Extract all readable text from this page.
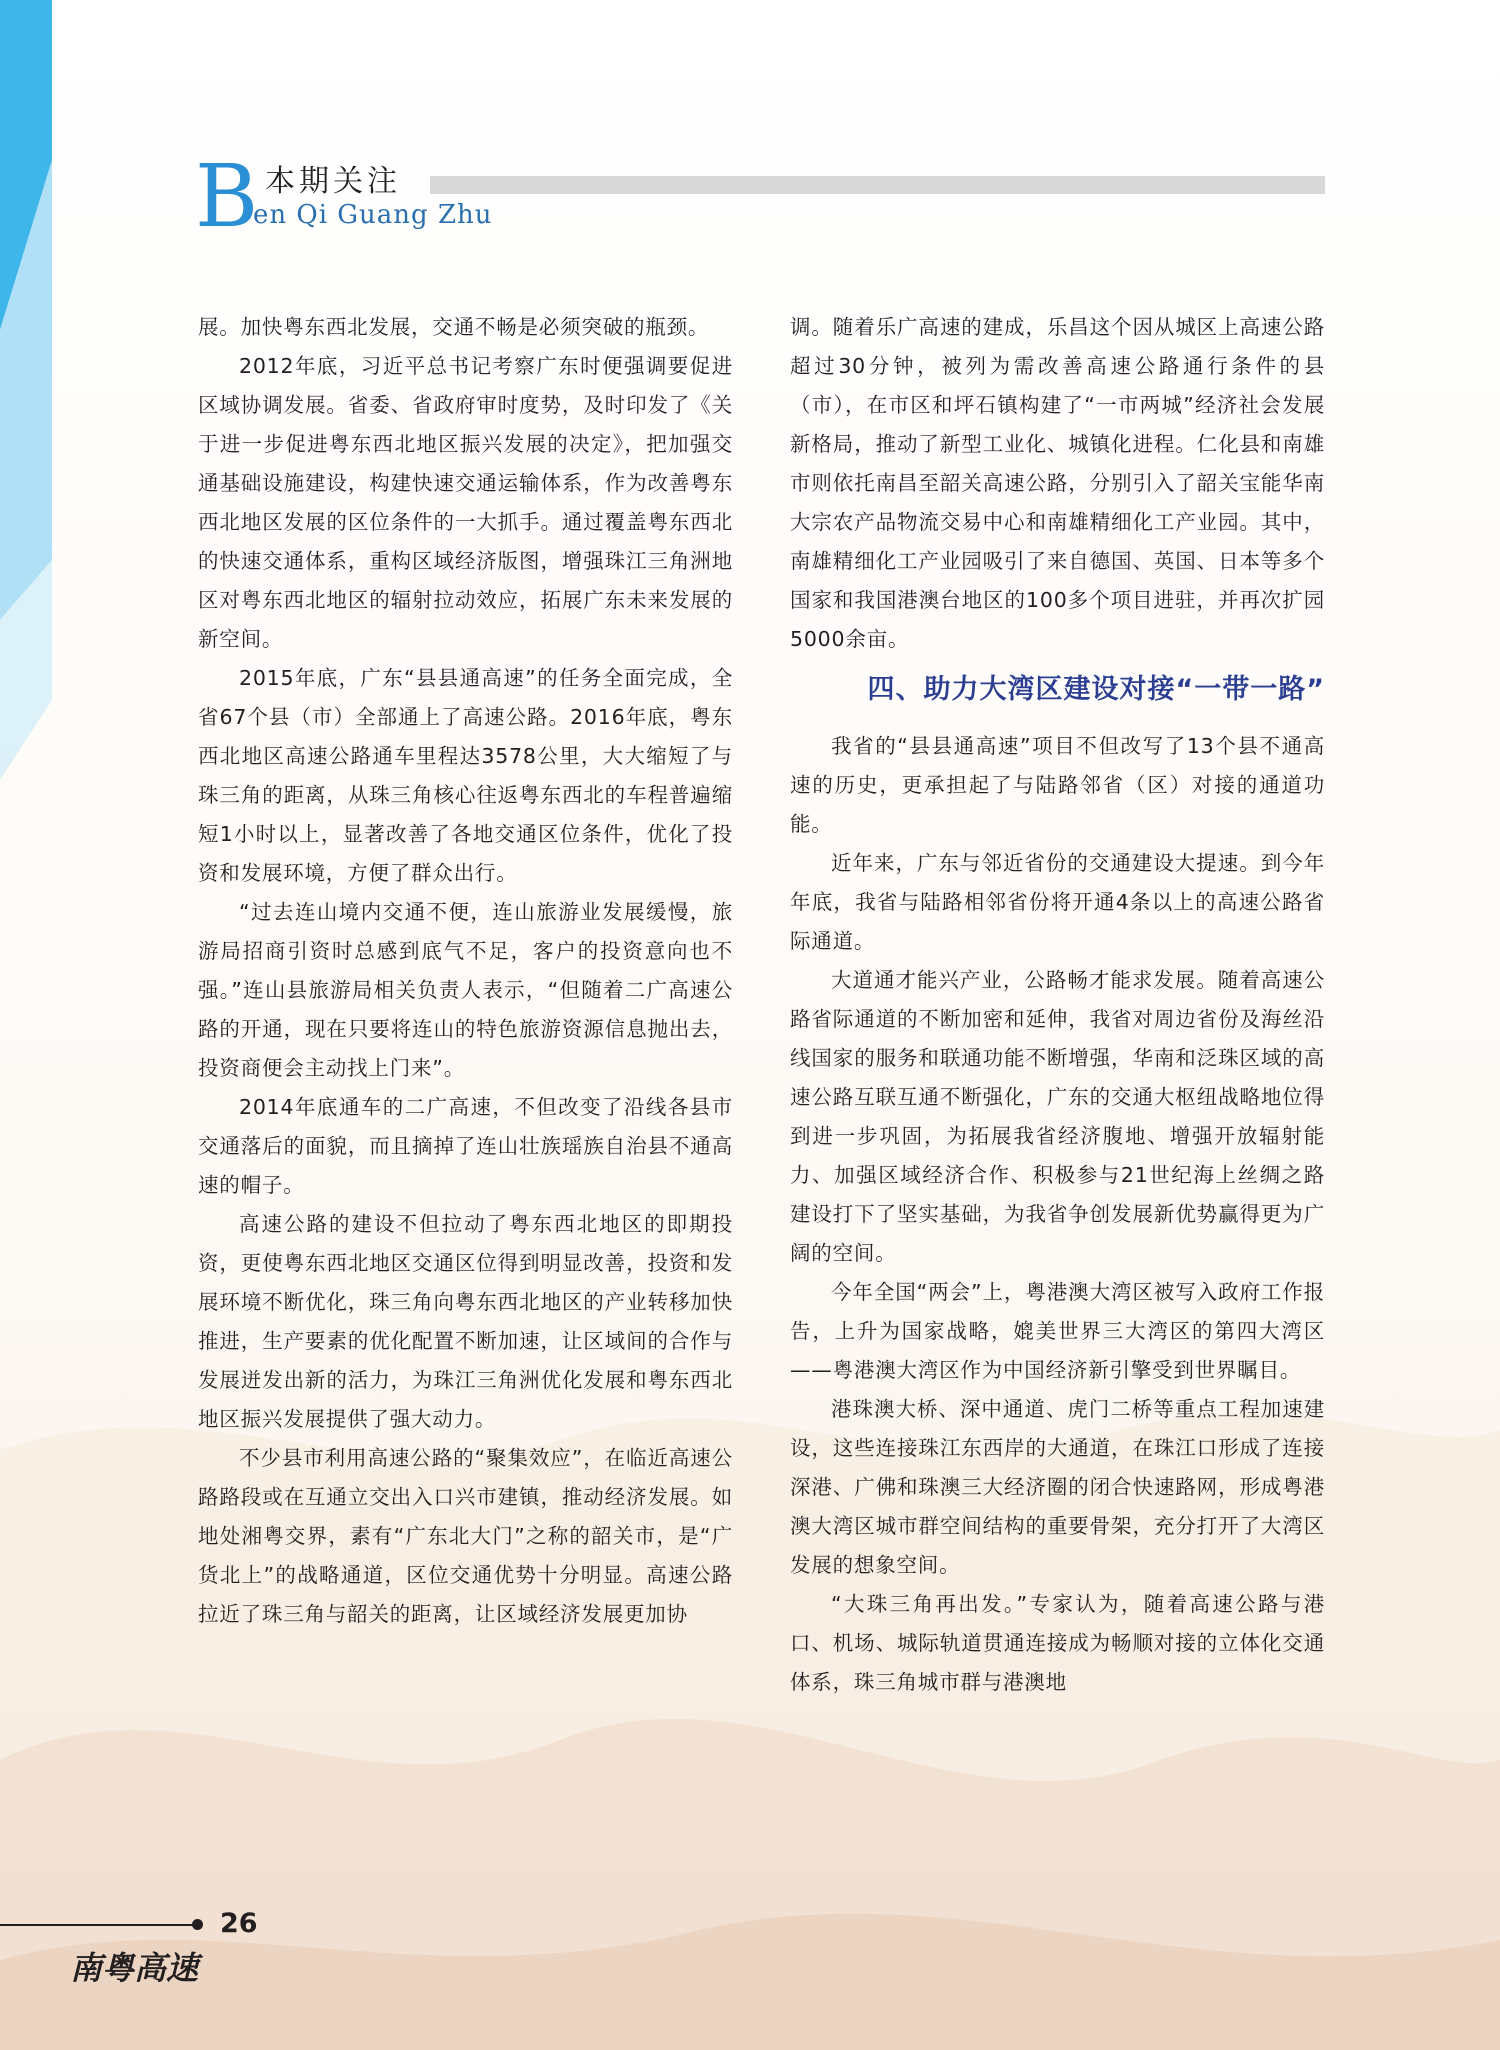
B 本期关注
en Qi Guang Zhu

展。加快粤东西北发展，交通不畅是必须突破的瓶颈。

2012年底，习近平总书记考察广东时便强调要促进区域协调发展。省委、省政府审时度势，及时印发了《关于进一步促进粤东西北地区振兴发展的决定》，把加强交通基础设施建设，构建快速交通运输体系，作为改善粤东西北地区发展的区位条件的一大抓手。通过覆盖粤东西北的快速交通体系，重构区域经济版图，增强珠江三角洲地区对粤东西北地区的辐射拉动效应，拓展广东未来发展的新空间。

2015年底，广东“县县通高速”的任务全面完成，全省67个县（市）全部通上了高速公路。2016年底，粤东西北地区高速公路通车里程达3578公里，大大缩短了与珠三角的距离，从珠三角核心往返粤东西北的车程普遍缩短1小时以上，显著改善了各地交通区位条件，优化了投资和发展环境，方便了群众出行。

“过去连山境内交通不便，连山旅游业发展缓慢，旅游局招商引资时总感到底气不足，客户的投资意向也不强。”连山县旅游局相关负责人表示，“但随着二广高速公路的开通，现在只要将连山的特色旅游资源信息抛出去，投资商便会主动找上门来”。

2014年底通车的二广高速，不但改变了沿线各县市交通落后的面貌，而且摘掉了连山壮族瑶族自治县不通高速的帽子。

高速公路的建设不但拉动了粤东西北地区的即期投资，更使粤东西北地区交通区位得到明显改善，投资和发展环境不断优化，珠三角向粤东西北地区的产业转移加快推进，生产要素的优化配置不断加速，让区域间的合作与发展迸发出新的活力，为珠江三角洲优化发展和粤东西北地区振兴发展提供了强大动力。

不少县市利用高速公路的“聚集效应”，在临近高速公路路段或在互通立交出入口兴市建镇，推动经济发展。如地处湘粤交界，素有“广东北大门”之称的韶关市，是“广货北上”的战略通道，区位交通优势十分明显。高速公路拉近了珠三角与韶关的距离，让区域经济发展更加协

调。随着乐广高速的建成，乐昌这个因从城区上高速公路超过30分钟，被列为需改善高速公路通行条件的县（市），在市区和坪石镇构建了“一市两城”经济社会发展新格局，推动了新型工业化、城镇化进程。仁化县和南雄市则依托南昌至韶关高速公路，分别引入了韶关宝能华南大宗农产品物流交易中心和南雄精细化工产业园。其中，南雄精细化工产业园吸引了来自德国、英国、日本等多个国家和我国港澳台地区的100多个项目进驻，并再次扩园5000余亩。

四、助力大湾区建设对接“一带一路”

我省的“县县通高速”项目不但改写了13个县不通高速的历史，更承担起了与陆路邻省（区）对接的通道功能。

近年来，广东与邻近省份的交通建设大提速。到今年年底，我省与陆路相邻省份将开通4条以上的高速公路省际通道。

大道通才能兴产业，公路畅才能求发展。随着高速公路省际通道的不断加密和延伸，我省对周边省份及海丝沿线国家的服务和联通功能不断增强，华南和泛珠区域的高速公路互联互通不断强化，广东的交通大枢纽战略地位得到进一步巩固，为拓展我省经济腹地、增强开放辐射能力、加强区域经济合作、积极参与21世纪海上丝绸之路建设打下了坚实基础，为我省争创发展新优势赢得更为广阔的空间。

今年全国“两会”上，粤港澳大湾区被写入政府工作报告，上升为国家战略，媲美世界三大湾区的第四大湾区——粤港澳大湾区作为中国经济新引擎受到世界瞩目。

港珠澳大桥、深中通道、虎门二桥等重点工程加速建设，这些连接珠江东西岸的大通道，在珠江口形成了连接深港、广佛和珠澳三大经济圈的闭合快速路网，形成粤港澳大湾区城市群空间结构的重要骨架，充分打开了大湾区发展的想象空间。

“大珠三角再出发。”专家认为，随着高速公路与港口、机场、城际轨道贯通连接成为畅顺对接的立体化交通体系，珠三角城市群与港澳地

26
南粤高速
